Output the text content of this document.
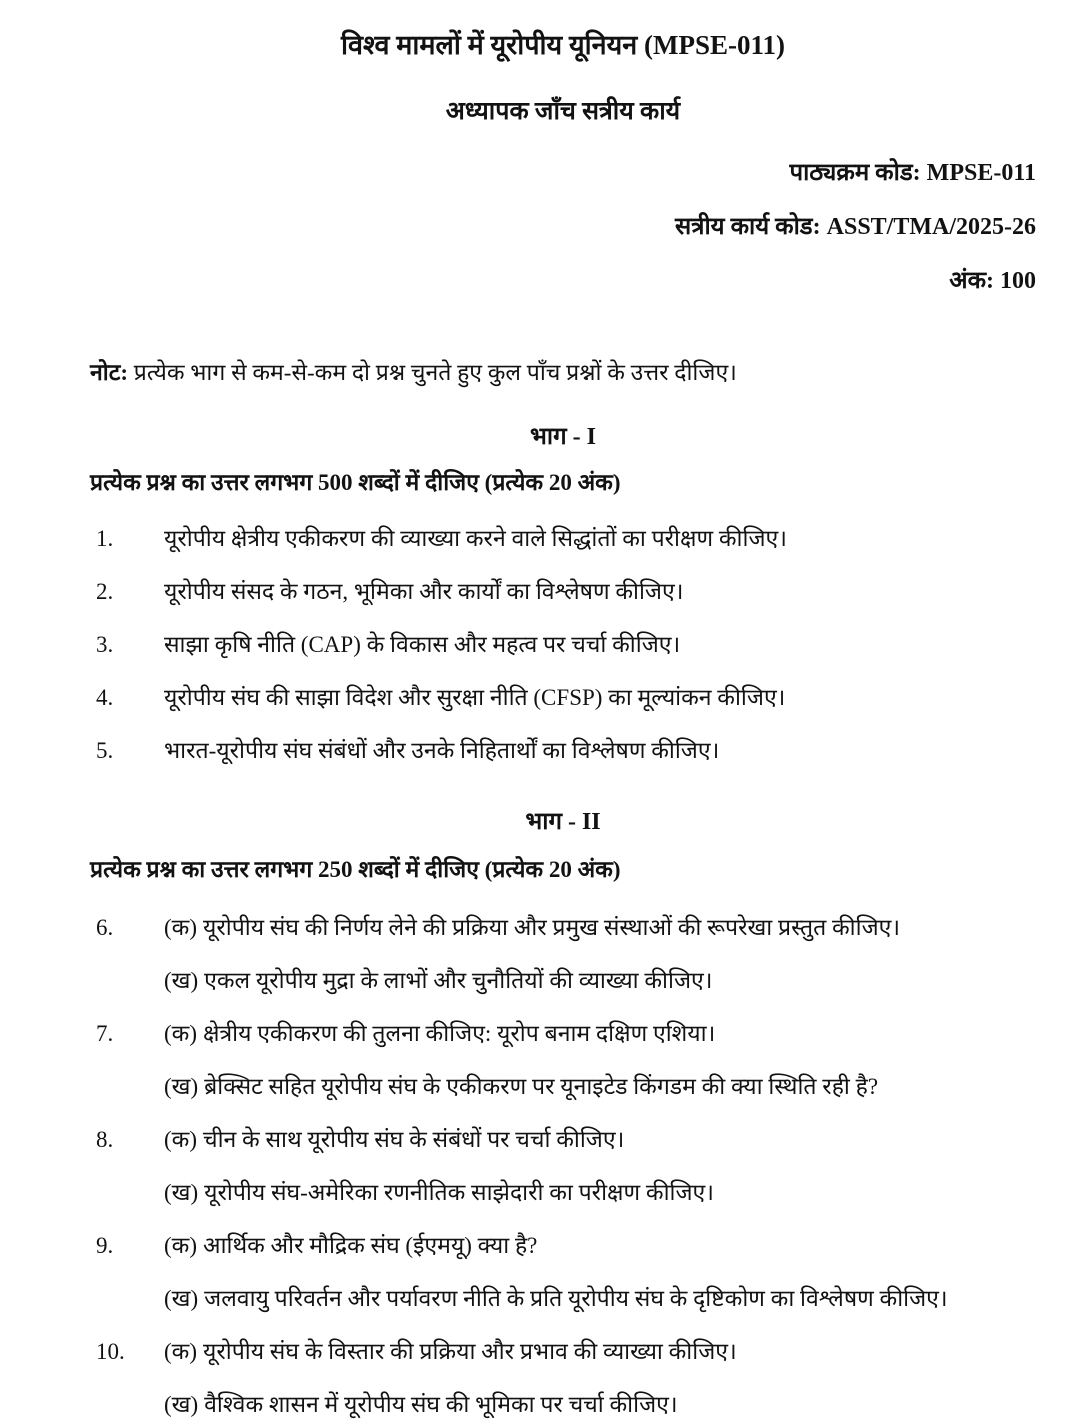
विश्व मामलों में यूरोपीय यूनियन (MPSE-011)
अध्यापक जाँच सत्रीय कार्य

पाठ्यक्रम कोड: MPSE-011

सत्रीय कार्य कोड: ASST/TMA/2025-26

अंक: 100

नोट: प्रत्येक भाग से कम-से-कम दो प्रश्न चुनते हुए कुल पाँच प्रश्नों के उत्तर दीजिए।

भाग - I

प्रत्येक प्रश्न का उत्तर लगभग 500 शब्दों में दीजिए (प्रत्येक 20 अंक)

1.	यूरोपीय क्षेत्रीय एकीकरण की व्याख्या करने वाले सिद्धांतों का परीक्षण कीजिए।

2.	यूरोपीय संसद के गठन, भूमिका और कार्यों का विश्लेषण कीजिए।

3.	साझा कृषि नीति (CAP) के विकास और महत्व पर चर्चा कीजिए।

4.	यूरोपीय संघ की साझा विदेश और सुरक्षा नीति (CFSP) का मूल्यांकन कीजिए।

5.	भारत-यूरोपीय संघ संबंधों और उनके निहितार्थों का विश्लेषण कीजिए।

भाग - II

प्रत्येक प्रश्न का उत्तर लगभग 250 शब्दों में दीजिए (प्रत्येक 20 अंक)

6.	(क) यूरोपीय संघ की निर्णय लेने की प्रक्रिया और प्रमुख संस्थाओं की रूपरेखा प्रस्तुत कीजिए।

(ख) एकल यूरोपीय मुद्रा के लाभों और चुनौतियों की व्याख्या कीजिए।

7.	(क) क्षेत्रीय एकीकरण की तुलना कीजिए: यूरोप बनाम दक्षिण एशिया।

(ख) ब्रेक्सिट सहित यूरोपीय संघ के एकीकरण पर यूनाइटेड किंगडम की क्या स्थिति रही है?

8.	(क) चीन के साथ यूरोपीय संघ के संबंधों पर चर्चा कीजिए।

(ख) यूरोपीय संघ-अमेरिका रणनीतिक साझेदारी का परीक्षण कीजिए।

9.	(क) आर्थिक और मौद्रिक संघ (ईएमयू) क्या है?

(ख) जलवायु परिवर्तन और पर्यावरण नीति के प्रति यूरोपीय संघ के दृष्टिकोण का विश्लेषण कीजिए।

10.	(क) यूरोपीय संघ के विस्तार की प्रक्रिया और प्रभाव की व्याख्या कीजिए।

(ख) वैश्विक शासन में यूरोपीय संघ की भूमिका पर चर्चा कीजिए।
